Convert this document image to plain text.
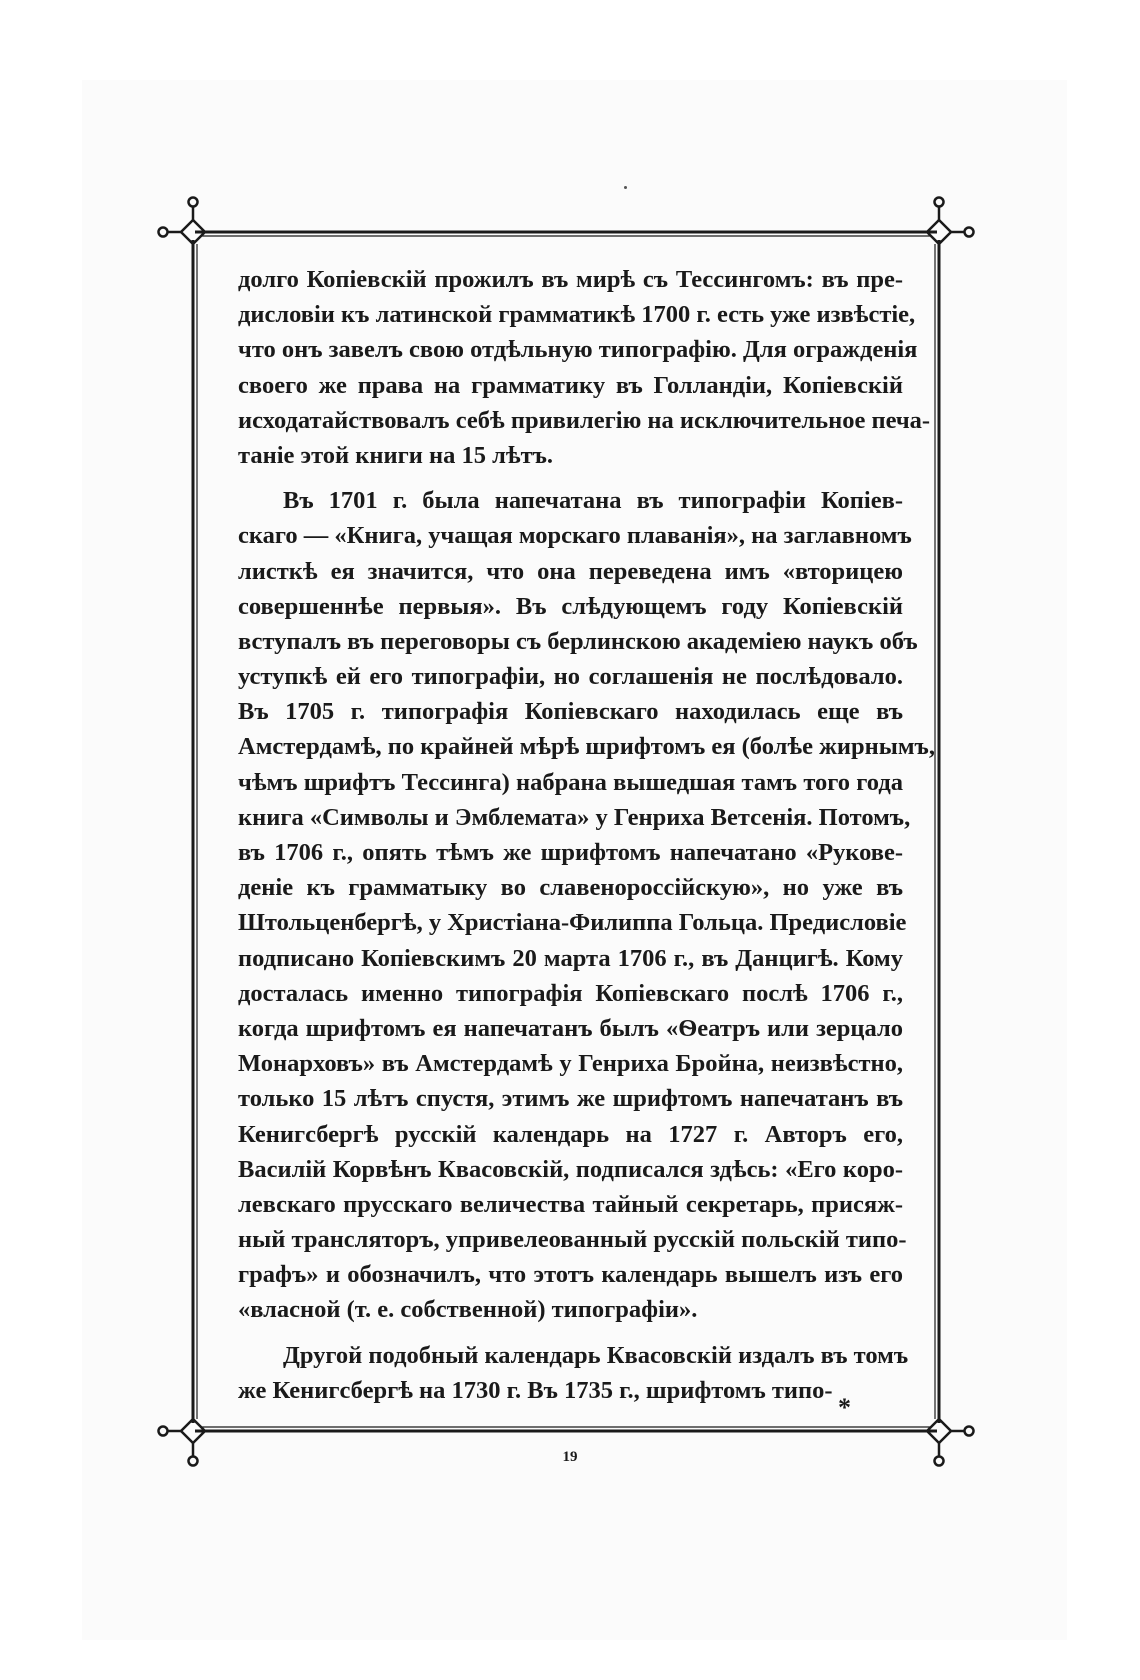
долго Копіевскій прожилъ въ мирѣ съ Тессингомъ: въ пре-
дисловіи къ латинской грамматикѣ 1700 г. есть уже извѣстіе,
что онъ завелъ свою отдѣльную типографію. Для огражденія
своего же права на грамматику въ Голландіи, Копіевскій
исходатайствовалъ себѣ привилегію на исключительное печа-
таніе этой книги на 15 лѣтъ.
Въ 1701 г. была напечатана въ типографіи Копіев-
скаго — «Книга, учащая морскаго плаванія», на заглавномъ
листкѣ ея значится, что она переведена имъ «вторицею
совершеннѣе первыя». Въ слѣдующемъ году Копіевскій
вступалъ въ переговоры съ берлинскою академіею наукъ объ
уступкѣ ей его типографіи, но соглашенія не послѣдовало.
Въ 1705 г. типографія Копіевскаго находилась еще въ
Амстердамѣ, по крайней мѣрѣ шрифтомъ ея (болѣе жирнымъ,
чѣмъ шрифтъ Тессинга) набрана вышедшая тамъ того года
книга «Символы и Эмблемата» у Генриха Ветсенія. Потомъ,
въ 1706 г., опять тѣмъ же шрифтомъ напечатано «Руковe-
деніе къ грамматыку во славенороссійскую», но уже въ
Штольценбергѣ, у Христіана-Филиппа Гольца. Предисловіе
подписано Копіевскимъ 20 марта 1706 г., въ Данцигѣ. Кому
досталась именно типографія Копіевскаго послѣ 1706 г.,
когда шрифтомъ ея напечатанъ былъ «Ѳеатръ или зерцало
Монарховъ» въ Амстердамѣ у Генриха Бройна, неизвѣстно,
только 15 лѣтъ спустя, этимъ же шрифтомъ напечатанъ въ
Кенигсбергѣ русскій календарь на 1727 г. Авторъ его,
Василій Корвѣнъ Квасовскій, подписался здѣсь: «Его коро-
левскаго прусскаго величества тайный секретарь, присяж-
ный трансляторъ, упривелеованный русскій польскій типо-
графъ» и обозначилъ, что этотъ календарь вышелъ изъ его
«власной (т. е. собственной) типографіи».
Другой подобный календарь Квасовскій издалъ въ томъ
же Кенигсбергѣ на 1730 г. Въ 1735 г., шрифтомъ типо-
*
19
